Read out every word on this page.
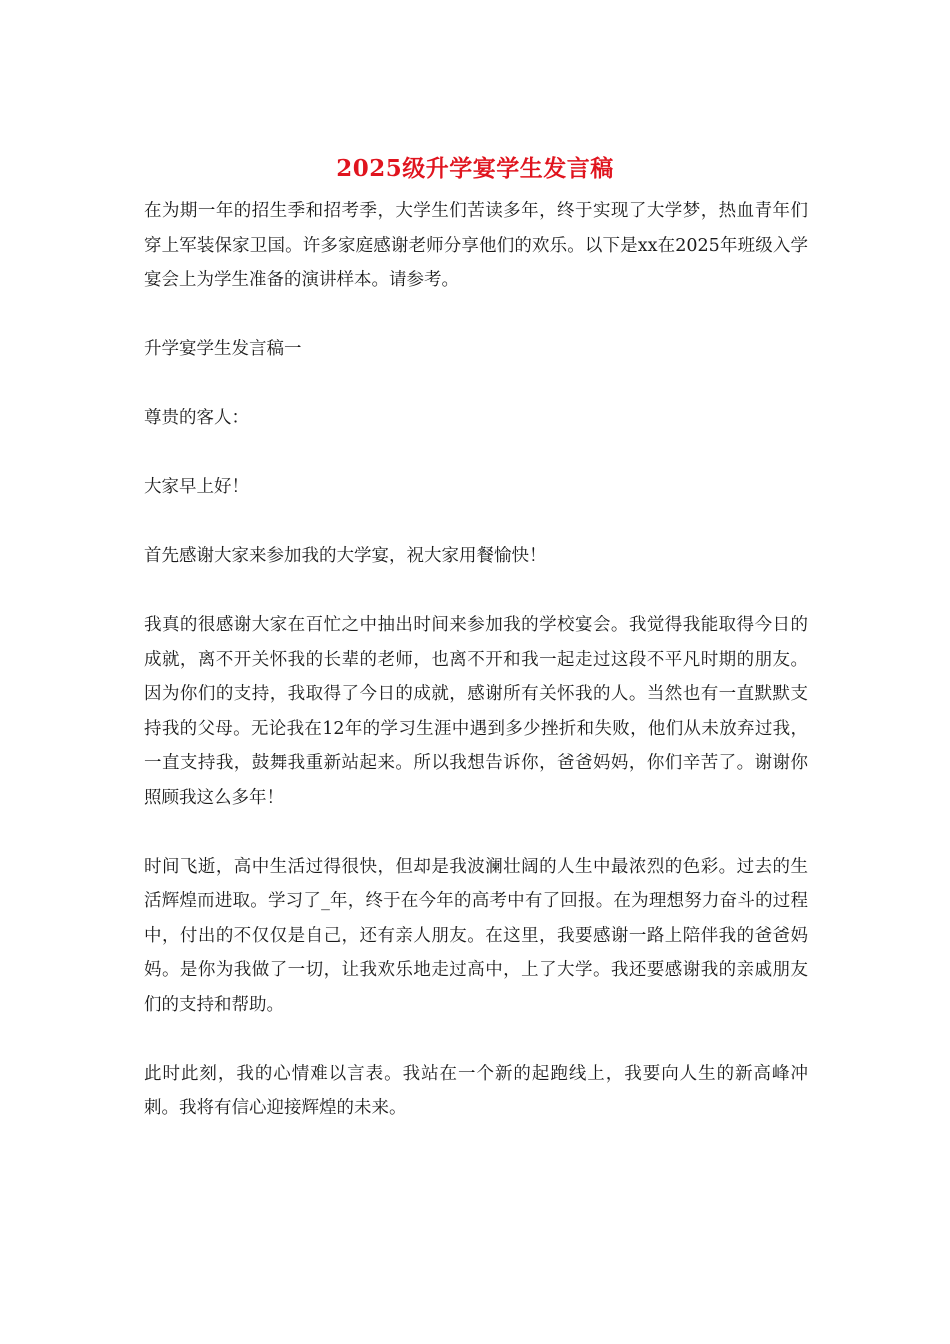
2025级升学宴学生发言稿

在为期一年的招生季和招考季，大学生们苦读多年，终于实现了大学梦，热血青年们穿上军装保家卫国。许多家庭感谢老师分享他们的欢乐。以下是xx在2025年班级入学宴会上为学生准备的演讲样本。请参考。

升学宴学生发言稿一

尊贵的客人：

大家早上好！

首先感谢大家来参加我的大学宴，祝大家用餐愉快！

我真的很感谢大家在百忙之中抽出时间来参加我的学校宴会。我觉得我能取得今日的成就，离不开关怀我的长辈的老师，也离不开和我一起走过这段不平凡时期的朋友。因为你们的支持，我取得了今日的成就，感谢所有关怀我的人。当然也有一直默默支持我的父母。无论我在12年的学习生涯中遇到多少挫折和失败，他们从未放弃过我，一直支持我，鼓舞我重新站起来。所以我想告诉你，爸爸妈妈，你们辛苦了。谢谢你照顾我这么多年！

时间飞逝，高中生活过得很快，但却是我波澜壮阔的人生中最浓烈的色彩。过去的生活辉煌而进取。学习了_年，终于在今年的高考中有了回报。在为理想努力奋斗的过程中，付出的不仅仅是自己，还有亲人朋友。在这里，我要感谢一路上陪伴我的爸爸妈妈。是你为我做了一切，让我欢乐地走过高中，上了大学。我还要感谢我的亲戚朋友们的支持和帮助。

此时此刻，我的心情难以言表。我站在一个新的起跑线上，我要向人生的新高峰冲刺。我将有信心迎接辉煌的未来。
